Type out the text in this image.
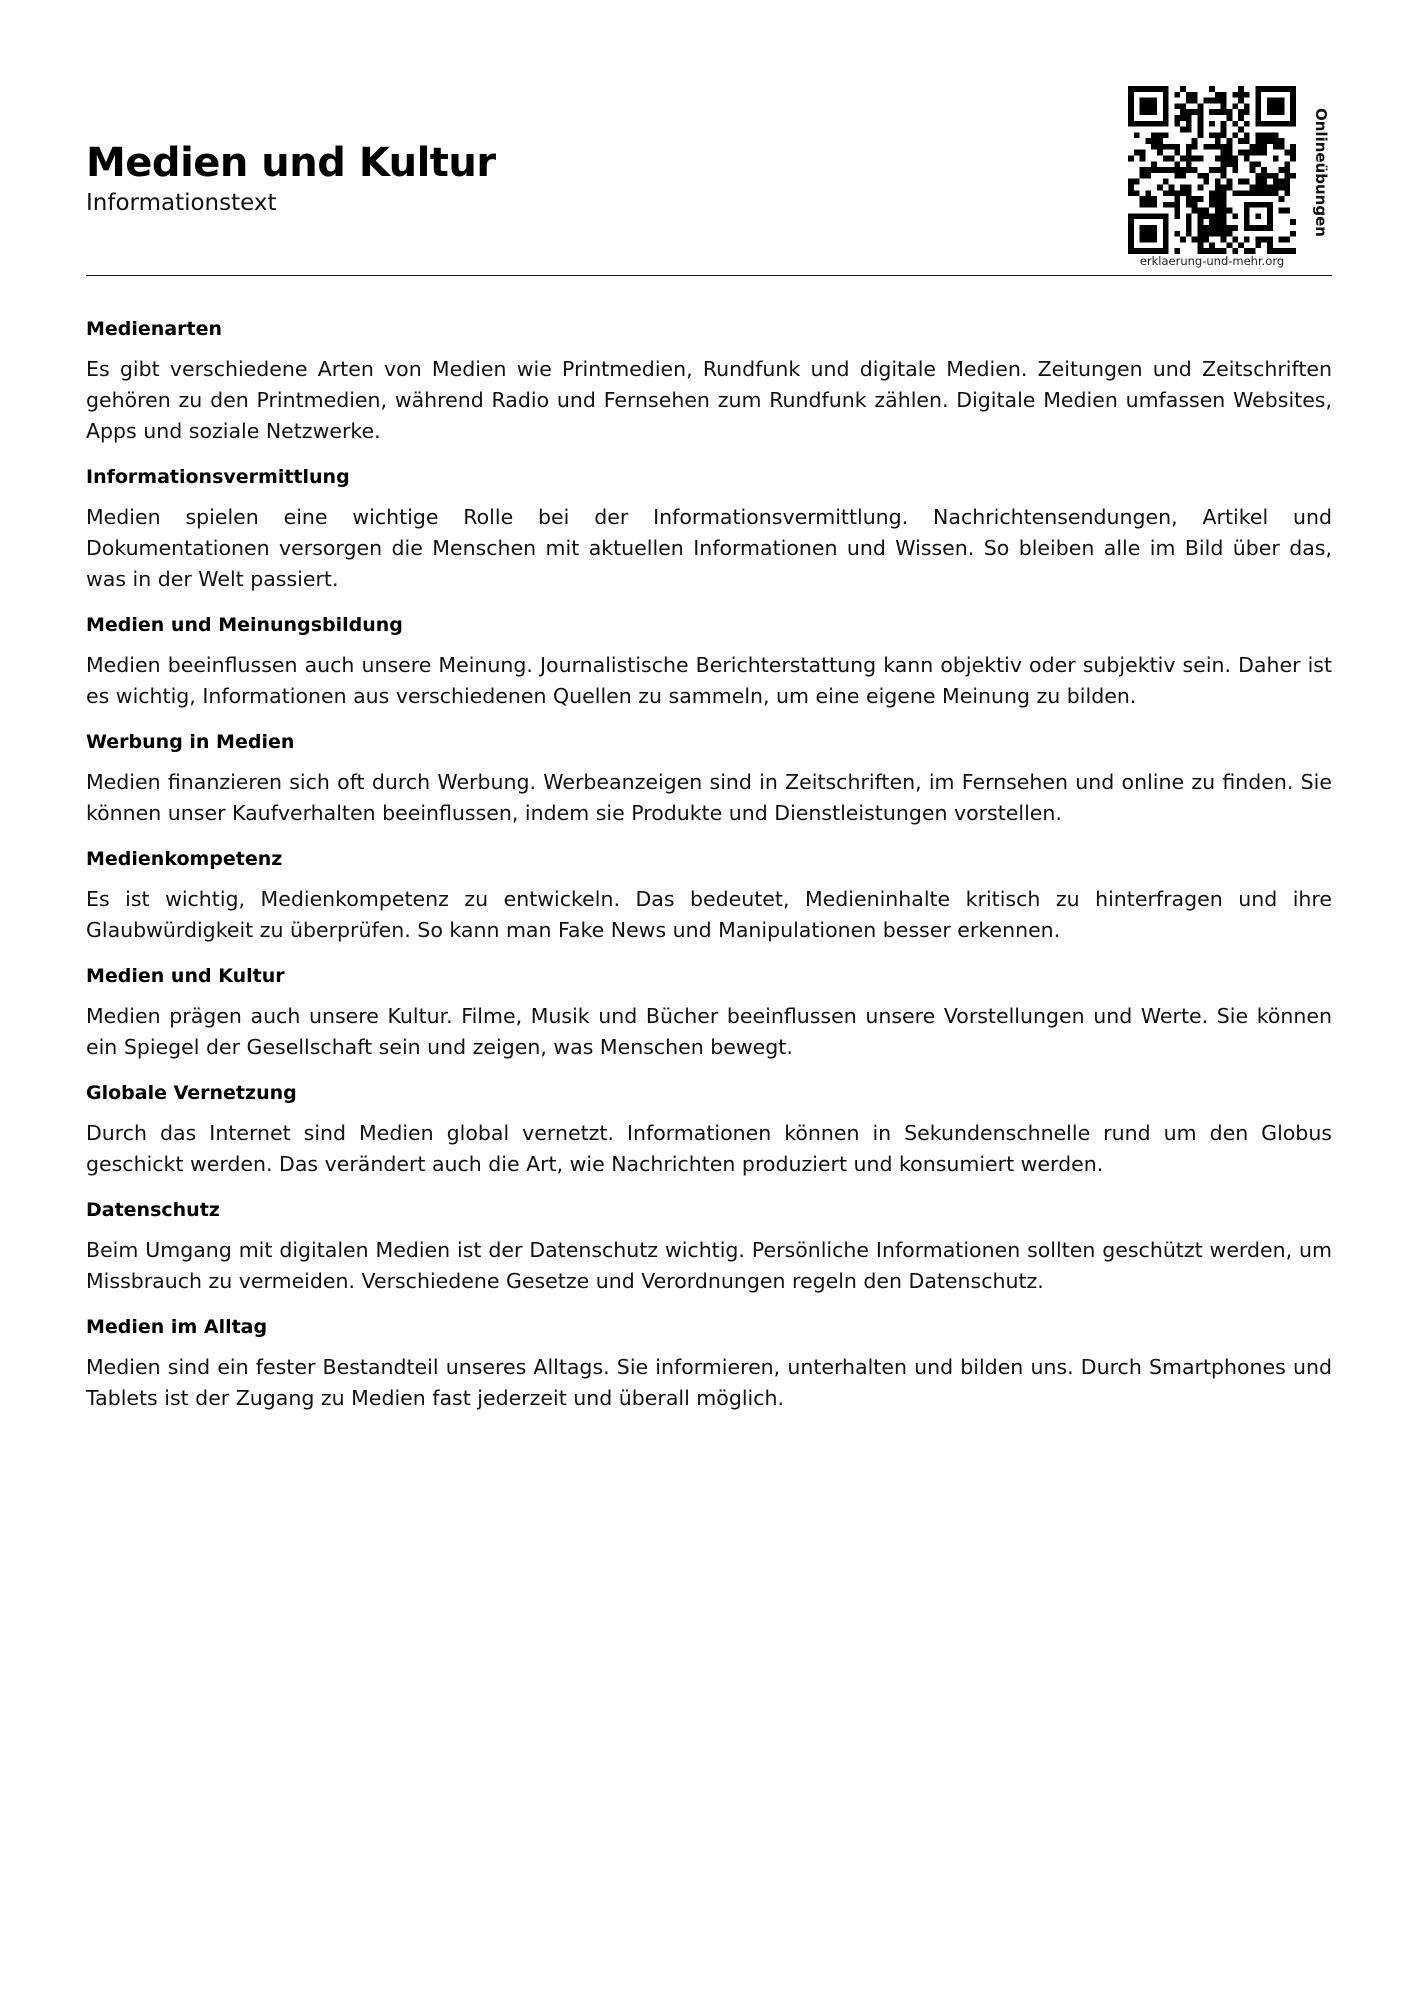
Medien und Kultur
Informationstext
erklaerung-und-mehr.org
Onlineübungen
Medienarten

Es gibt verschiedene Arten von Medien wie Printmedien, Rundfunk und digitale Medien. Zeitungen und Zeitschriften gehören zu den Printmedien, während Radio und Fernsehen zum Rundfunk zählen. Digitale Medien umfassen Websites, Apps und soziale Netzwerke.

Informationsvermittlung

Medien spielen eine wichtige Rolle bei der Informationsvermittlung. Nachrichtensendungen, Artikel und Dokumentationen versorgen die Menschen mit aktuellen Informationen und Wissen. So bleiben alle im Bild über das, was in der Welt passiert.

Medien und Meinungsbildung

Medien beeinflussen auch unsere Meinung. Journalistische Berichterstattung kann objektiv oder subjektiv sein. Daher ist es wichtig, Informationen aus verschiedenen Quellen zu sammeln, um eine eigene Meinung zu bilden.

Werbung in Medien

Medien finanzieren sich oft durch Werbung. Werbeanzeigen sind in Zeitschriften, im Fernsehen und online zu finden. Sie können unser Kaufverhalten beeinflussen, indem sie Produkte und Dienstleistungen vorstellen.

Medienkompetenz

Es ist wichtig, Medienkompetenz zu entwickeln. Das bedeutet, Medieninhalte kritisch zu hinterfragen und ihre Glaubwürdigkeit zu überprüfen. So kann man Fake News und Manipulationen besser erkennen.

Medien und Kultur

Medien prägen auch unsere Kultur. Filme, Musik und Bücher beeinflussen unsere Vorstellungen und Werte. Sie können ein Spiegel der Gesellschaft sein und zeigen, was Menschen bewegt.

Globale Vernetzung

Durch das Internet sind Medien global vernetzt. Informationen können in Sekundenschnelle rund um den Globus geschickt werden. Das verändert auch die Art, wie Nachrichten produziert und konsumiert werden.

Datenschutz

Beim Umgang mit digitalen Medien ist der Datenschutz wichtig. Persönliche Informationen sollten geschützt werden, um Missbrauch zu vermeiden. Verschiedene Gesetze und Verordnungen regeln den Datenschutz.

Medien im Alltag

Medien sind ein fester Bestandteil unseres Alltags. Sie informieren, unterhalten und bilden uns. Durch Smartphones und Tablets ist der Zugang zu Medien fast jederzeit und überall möglich.
